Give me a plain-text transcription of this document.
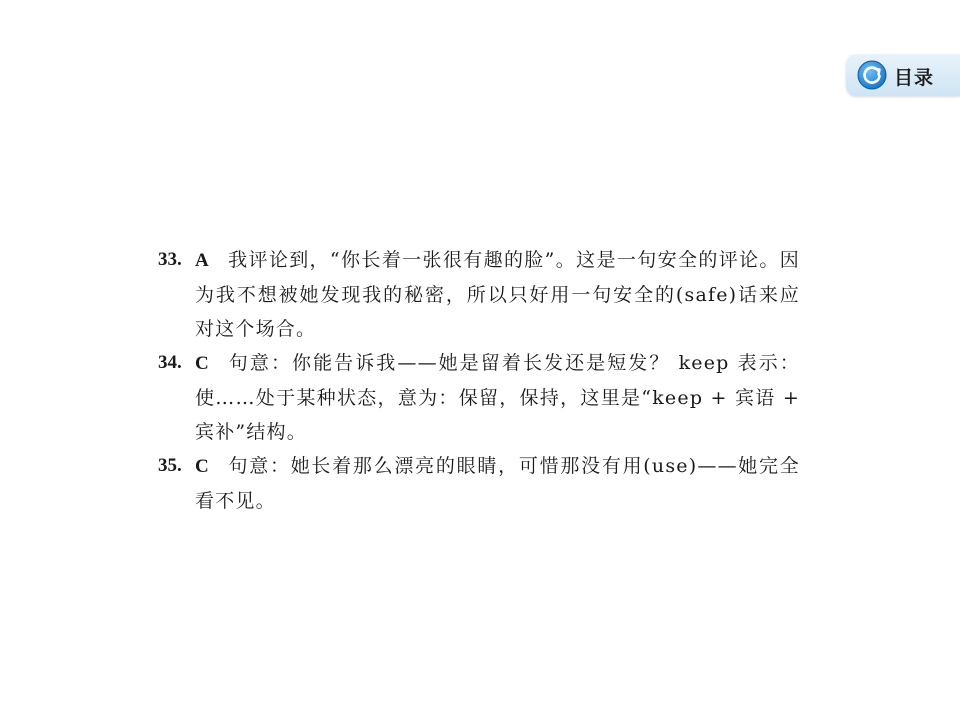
目录
33. A 我评论到，“你长着一张很有趣的脸”。这是一句安全的评论。因为我不想被她发现我的秘密，所以只好用一句安全的(safe)话来应对这个场合。
34. C 句意：你能告诉我——她是留着长发还是短发？ keep 表示：使……处于某种状态，意为：保留，保持，这里是“keep + 宾语 + 宾补”结构。
35. C 句意：她长着那么漂亮的眼睛，可惜那没有用(use)——她完全看不见。
